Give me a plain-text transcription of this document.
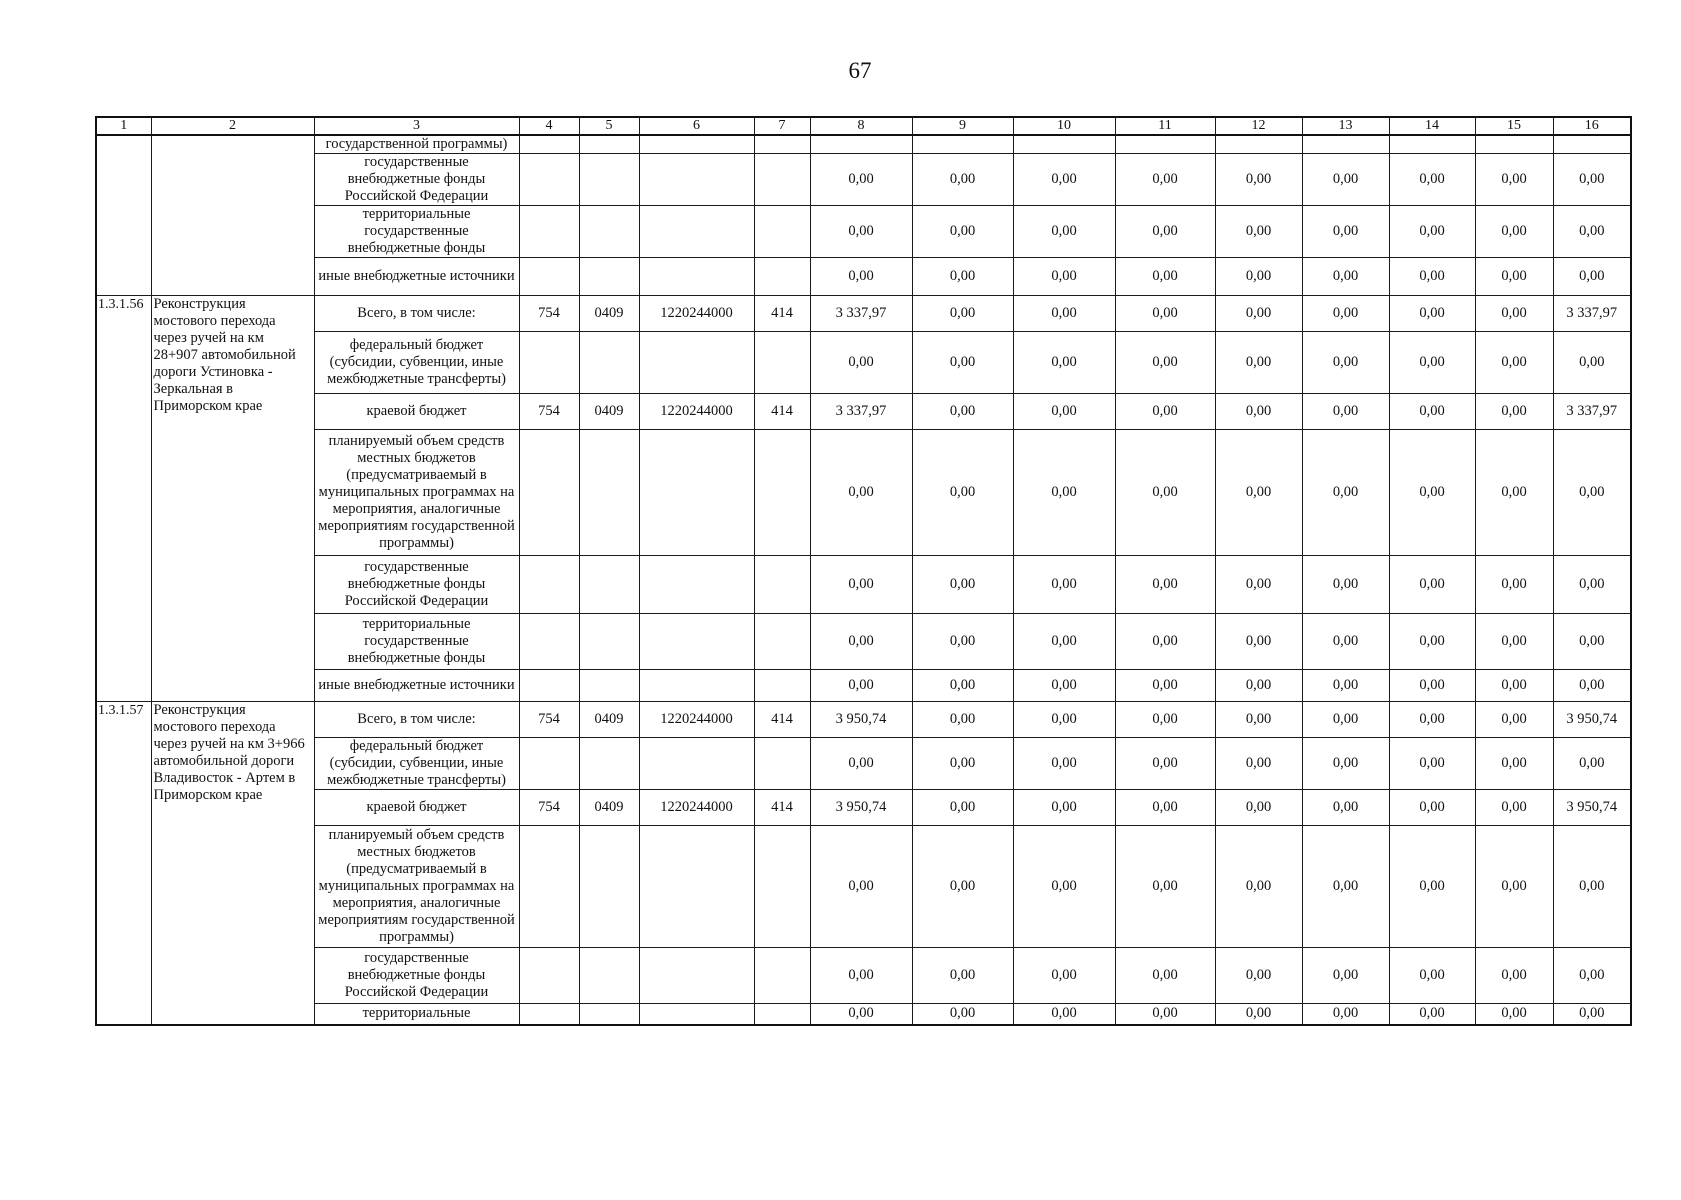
67
1	2	3	4	5	6	7	8	9	10	11	12	13	14	15	16
		государственной программы)													
		государственные внебюджетные фонды Российской Федерации					0,00	0,00	0,00	0,00	0,00	0,00	0,00	0,00	0,00
		территориальные государственные внебюджетные фонды					0,00	0,00	0,00	0,00	0,00	0,00	0,00	0,00	0,00
		иные внебюджетные источники					0,00	0,00	0,00	0,00	0,00	0,00	0,00	0,00	0,00
1.3.1.56	Реконструкция мостового перехода через ручей на км 28+907 автомобильной дороги Устиновка - Зеркальная в Приморском крае	Всего, в том числе:	754	0409	1220244000	414	3 337,97	0,00	0,00	0,00	0,00	0,00	0,00	0,00	3 337,97
		федеральный бюджет (субсидии, субвенции, иные межбюджетные трансферты)					0,00	0,00	0,00	0,00	0,00	0,00	0,00	0,00	0,00
		краевой бюджет	754	0409	1220244000	414	3 337,97	0,00	0,00	0,00	0,00	0,00	0,00	0,00	3 337,97
		планируемый объем средств местных бюджетов (предусматриваемый в муниципальных программах на мероприятия, аналогичные мероприятиям государственной программы)					0,00	0,00	0,00	0,00	0,00	0,00	0,00	0,00	0,00
		государственные внебюджетные фонды Российской Федерации					0,00	0,00	0,00	0,00	0,00	0,00	0,00	0,00	0,00
		территориальные государственные внебюджетные фонды					0,00	0,00	0,00	0,00	0,00	0,00	0,00	0,00	0,00
		иные внебюджетные источники					0,00	0,00	0,00	0,00	0,00	0,00	0,00	0,00	0,00
1.3.1.57	Реконструкция мостового перехода через ручей на км 3+966 автомобильной дороги Владивосток - Артем в Приморском крае	Всего, в том числе:	754	0409	1220244000	414	3 950,74	0,00	0,00	0,00	0,00	0,00	0,00	0,00	3 950,74
		федеральный бюджет (субсидии, субвенции, иные межбюджетные трансферты)					0,00	0,00	0,00	0,00	0,00	0,00	0,00	0,00	0,00
		краевой бюджет	754	0409	1220244000	414	3 950,74	0,00	0,00	0,00	0,00	0,00	0,00	0,00	3 950,74
		планируемый объем средств местных бюджетов (предусматриваемый в муниципальных программах на мероприятия, аналогичные мероприятиям государственной программы)					0,00	0,00	0,00	0,00	0,00	0,00	0,00	0,00	0,00
		государственные внебюджетные фонды Российской Федерации					0,00	0,00	0,00	0,00	0,00	0,00	0,00	0,00	0,00
		территориальные					0,00	0,00	0,00	0,00	0,00	0,00	0,00	0,00	0,00
